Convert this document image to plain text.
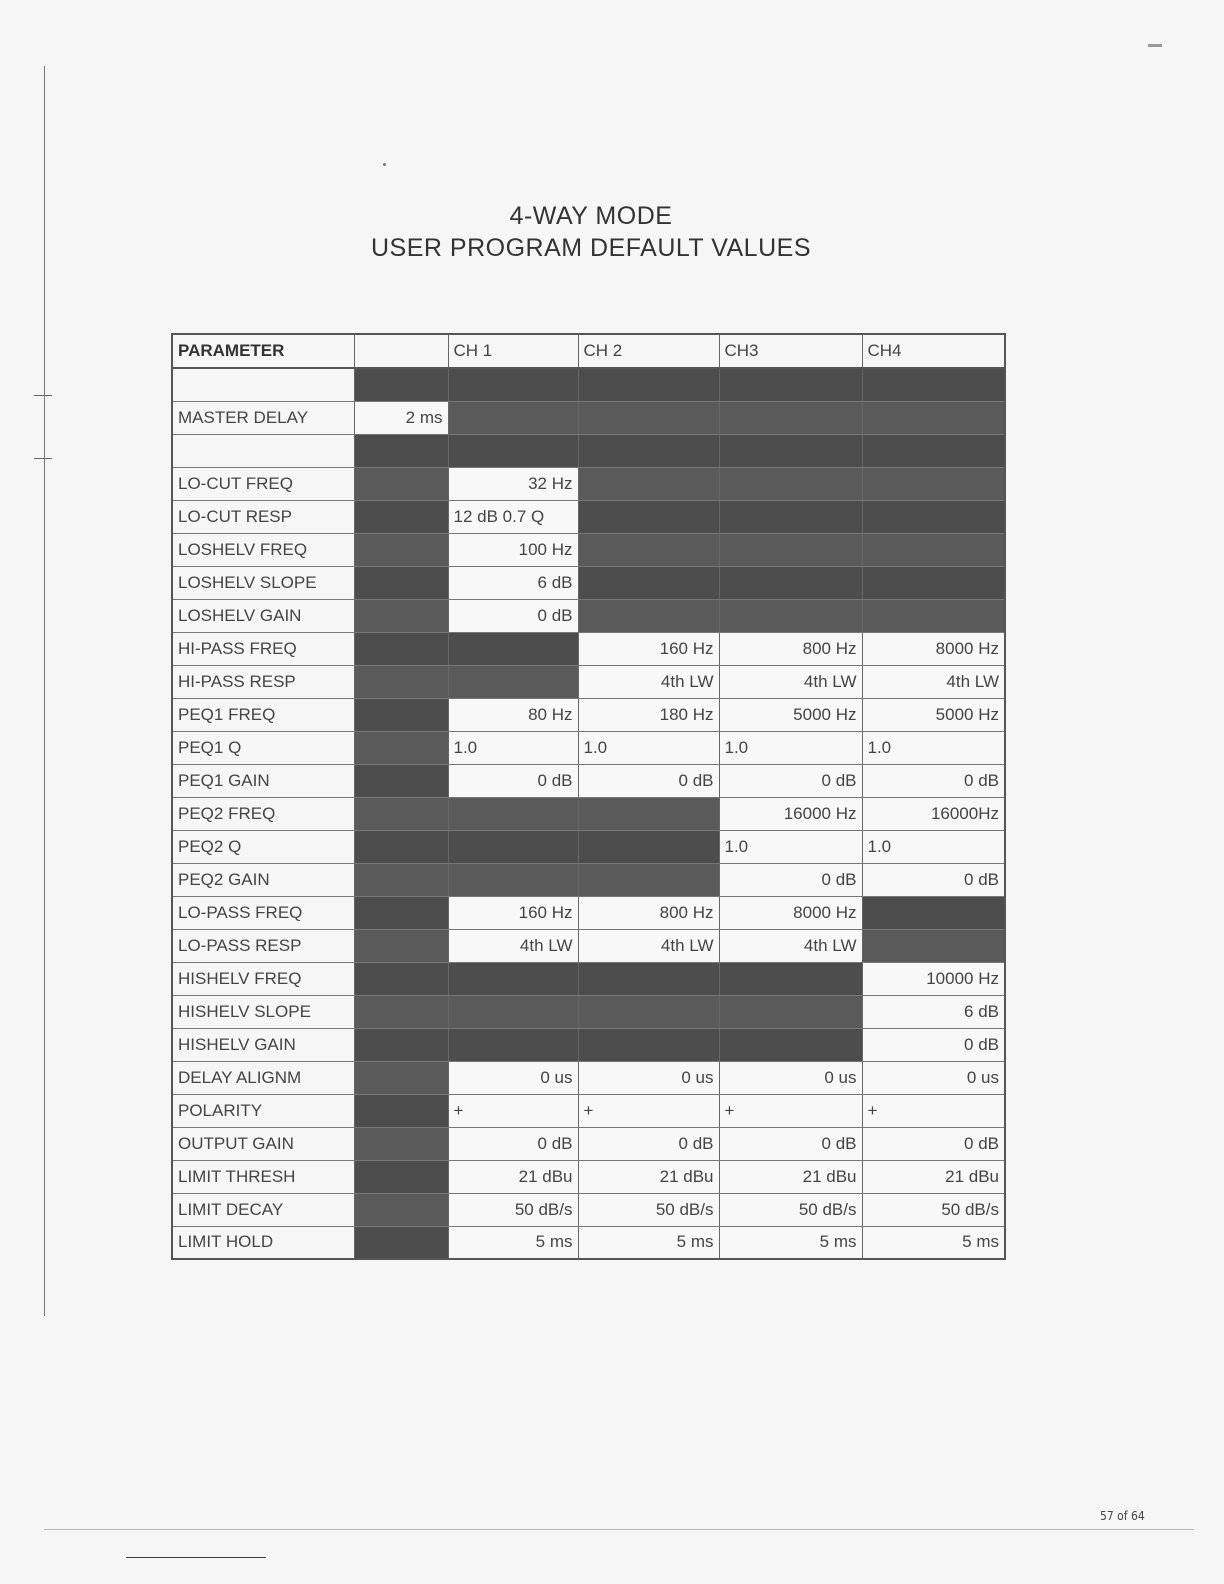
4-WAY MODE
USER PROGRAM DEFAULT VALUES
PARAMETER		CH 1	CH 2	CH3	CH4

MASTER DELAY	2 ms				

LO-CUT FREQ		32 Hz			
LO-CUT RESP		12 dB 0.7 Q			
LOSHELV FREQ		100 Hz			
LOSHELV SLOPE		6 dB			
LOSHELV GAIN		0 dB			
HI-PASS FREQ			160 Hz	800 Hz	8000 Hz
HI-PASS RESP			4th LW	4th LW	4th LW
PEQ1 FREQ		80 Hz	180 Hz	5000 Hz	5000 Hz
PEQ1 Q		1.0	1.0	1.0	1.0
PEQ1 GAIN		0 dB	0 dB	0 dB	0 dB
PEQ2 FREQ				16000 Hz	16000Hz
PEQ2 Q				1.0	1.0
PEQ2 GAIN				0 dB	0 dB
LO-PASS FREQ		160 Hz	800 Hz	8000 Hz	
LO-PASS RESP		4th LW	4th LW	4th LW	
HISHELV FREQ					10000 Hz
HISHELV SLOPE					6 dB
HISHELV GAIN					0 dB
DELAY ALIGNM		0 us	0 us	0 us	0 us
POLARITY		+	+	+	+
OUTPUT GAIN		0 dB	0 dB	0 dB	0 dB
LIMIT THRESH		21 dBu	21 dBu	21 dBu	21 dBu
LIMIT DECAY		50 dB/s	50 dB/s	50 dB/s	50 dB/s
LIMIT HOLD		5 ms	5 ms	5 ms	5 ms
57 of 64
